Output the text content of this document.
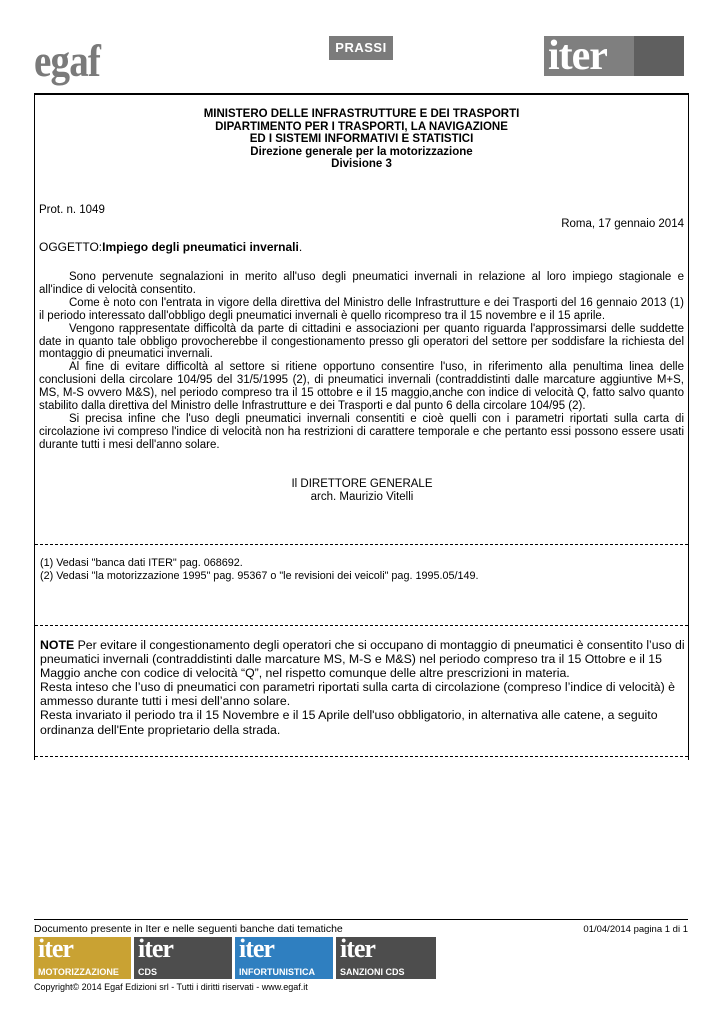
egaf	PRASSI	iter
MINISTERO DELLE INFRASTRUTTURE E DEI TRASPORTI
DIPARTIMENTO PER I TRASPORTI, LA NAVIGAZIONE
ED I SISTEMI INFORMATIVI E STATISTICI
Direzione generale per la motorizzazione
Divisione 3
Prot. n. 1049
Roma, 17 gennaio 2014
OGGETTO:Impiego degli pneumatici invernali.

Sono pervenute segnalazioni in merito all'uso degli pneumatici invernali in relazione al loro impiego stagionale e all'indice di velocità consentito.

Come è noto con l'entrata in vigore della direttiva del Ministro delle Infrastrutture e dei Trasporti del 16 gennaio 2013 (1) il periodo interessato dall'obbligo degli pneumatici invernali è quello ricompreso tra il 15 novembre e il 15 aprile.

Vengono rappresentate difficoltà da parte di cittadini e associazioni per quanto riguarda l'approssimarsi delle suddette date in quanto tale obbligo provocherebbe il congestionamento presso gli operatori del settore per soddisfare la richiesta del montaggio di pneumatici invernali.

Al fine di evitare difficoltà al settore si ritiene opportuno consentire l'uso, in riferimento alla penultima linea delle conclusioni della circolare 104/95 del 31/5/1995 (2), di pneumatici invernali (contraddistinti dalle marcature aggiuntive M+S, MS, M-S ovvero M&S), nel periodo compreso tra il 15 ottobre e il 15 maggio,anche con indice di velocità Q, fatto salvo quanto stabilito dalla direttiva del Ministro delle Infrastrutture e dei Trasporti e dal punto 6 della circolare 104/95 (2).

Si precisa infine che l'uso degli pneumatici invernali consentiti e cioè quelli con i parametri riportati sulla carta di circolazione ivi compreso l'indice di velocità non ha restrizioni di carattere temporale e che pertanto essi possono essere usati durante tutti i mesi dell'anno solare.

Il DIRETTORE GENERALE
arch. Maurizio Vitelli
(1) Vedasi "banca dati ITER" pag. 068692.
(2) Vedasi "la motorizzazione 1995" pag. 95367 o "le revisioni dei veicoli" pag. 1995.05/149.

NOTE Per evitare il congestionamento degli operatori che si occupano di montaggio di pneumatici è consentito l’uso di pneumatici invernali (contraddistinti dalle marcature MS, M-S e M&S) nel periodo compreso tra il 15 Ottobre e il 15 Maggio anche con codice di velocità “Q”, nel rispetto comunque delle altre prescrizioni in materia.

Resta inteso che l’uso di pneumatici con parametri riportati sulla carta di circolazione (compreso l’indice di velocità) è ammesso durante tutti i mesi dell’anno solare.

Resta invariato il periodo tra il 15 Novembre e il 15 Aprile dell'uso obbligatorio, in alternativa alle catene, a seguito ordinanza dell'Ente proprietario della strada.

Documento presente in Iter e nelle seguenti banche dati tematiche	01/04/2014 pagina 1 di 1
iter
MOTORIZZAZIONE
iter
CDS
iter
INFORTUNISTICA
iter
SANZIONI CDS
Copyright© 2014 Egaf Edizioni srl - Tutti i diritti riservati - www.egaf.it
